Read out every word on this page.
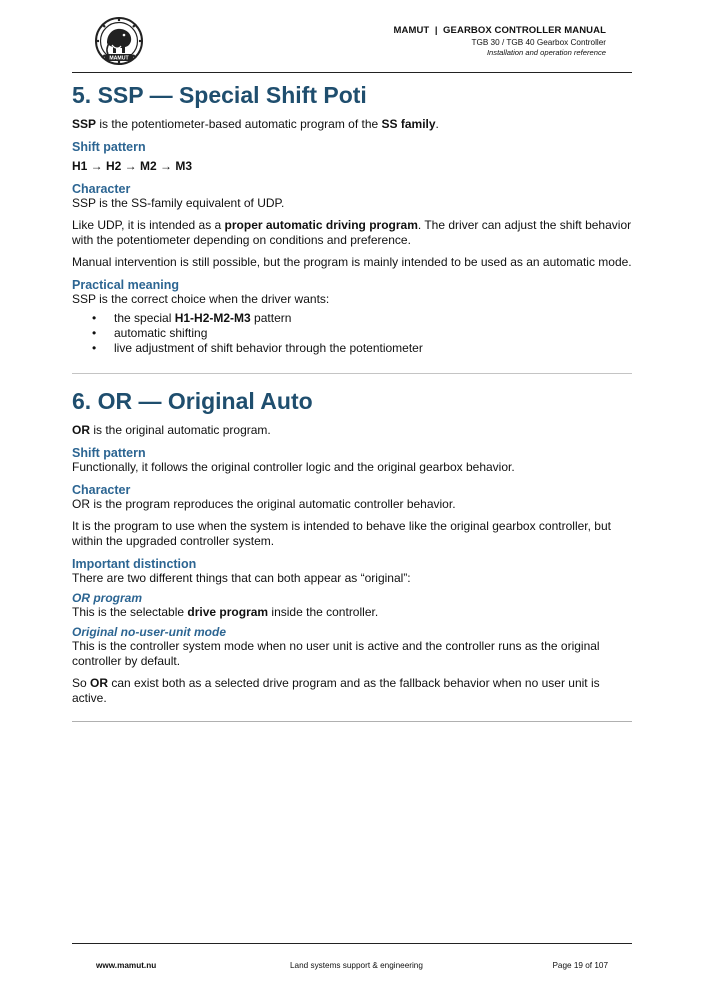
MAMUT
MAMUT  |  GEARBOX CONTROLLER MANUAL
TGB 30 / TGB 40 Gearbox Controller
Installation and operation reference
5. SSP — Special Shift Poti

SSP is the potentiometer-based automatic program of the SS family.

Shift pattern

H1 → H2 → M2 → M3

Character

SSP is the SS-family equivalent of UDP.

Like UDP, it is intended as a proper automatic driving program. The driver can adjust the shift behavior with the potentiometer depending on conditions and preference.

Manual intervention is still possible, but the program is mainly intended to be used as an automatic mode.

Practical meaning

SSP is the correct choice when the driver wants:

• the special H1-H2-M2-M3 pattern
• automatic shifting
• live adjustment of shift behavior through the potentiometer
6. OR — Original Auto

OR is the original automatic program.

Shift pattern

Functionally, it follows the original controller logic and the original gearbox behavior.

Character

OR is the program reproduces the original automatic controller behavior.

It is the program to use when the system is intended to behave like the original gearbox controller, but within the upgraded controller system.

Important distinction

There are two different things that can both appear as “original”:

OR program

This is the selectable drive program inside the controller.

Original no-user-unit mode

This is the controller system mode when no user unit is active and the controller runs as the original controller by default.

So OR can exist both as a selected drive program and as the fallback behavior when no user unit is active.

www.mamut.nu	Land systems support & engineering	Page 19 of 107
